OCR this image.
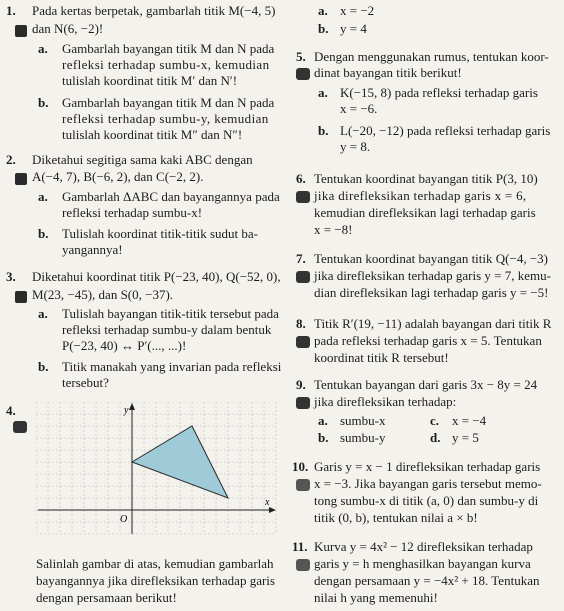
1. Pada kertas berpetak, gambarlah titik M(−4, 5)
dan N(6, −2)!
a. Gambarlah bayangan titik M dan N pada
refleksi terhadap sumbu-x, kemudian
tulislah koordinat titik M′ dan N′!
b. Gambarlah bayangan titik M dan N pada
refleksi terhadap sumbu-y, kemudian
tulislah koordinat titik M″ dan N″!
2. Diketahui segitiga sama kaki ABC dengan
A(−4, 7), B(−6, 2), dan C(−2, 2).
a. Gambarlah ΔABC dan bayangannya pada
refleksi terhadap sumbu-x!
b. Tulislah koordinat titik-titik sudut ba-
yangannya!
3. Diketahui koordinat titik P(−23, 40), Q(−52, 0),
M(23, −45), dan S(0, −37).
a. Tulislah bayangan titik-titik tersebut pada
refleksi terhadap sumbu-y dalam bentuk
P(−23, 40) ↔ P′(..., ...)!
b. Titik manakah yang invarian pada refleksi
tersebut?
4.	y
x
O
Salinlah gambar di atas, kemudian gambarlah
bayangannya jika direfleksikan terhadap garis
dengan persamaan berikut!
a. x = −2
b. y = 4
5. Dengan menggunakan rumus, tentukan koor-
dinat bayangan titik berikut!
a. K(−15, 8) pada refleksi terhadap garis
x = −6.
b. L(−20, −12) pada refleksi terhadap garis
y = 8.
6. Tentukan koordinat bayangan titik P(3, 10)
jika direfleksikan terhadap garis x = 6,
kemudian direfleksikan lagi terhadap garis
x = −8!
7. Tentukan koordinat bayangan titik Q(−4, −3)
jika direfleksikan terhadap garis y = 7, kemu-
dian direfleksikan lagi terhadap garis y = −5!
8. Titik R′(19, −11) adalah bayangan dari titik R
pada refleksi terhadap garis x = 5. Tentukan
koordinat titik R tersebut!
9. Tentukan bayangan dari garis 3x − 8y = 24
jika direfleksikan terhadap:
a. sumbu-x	c. x = −4
b. sumbu-y	d. y = 5
10. Garis y = x − 1 direfleksikan terhadap garis
x = −3. Jika bayangan garis tersebut memo-
tong sumbu-x di titik (a, 0) dan sumbu-y di
titik (0, b), tentukan nilai a × b!
11. Kurva y = 4x² − 12 direfleksikan terhadap
garis y = h menghasilkan bayangan kurva
dengan persamaan y = −4x² + 18. Tentukan
nilai h yang memenuhi!
